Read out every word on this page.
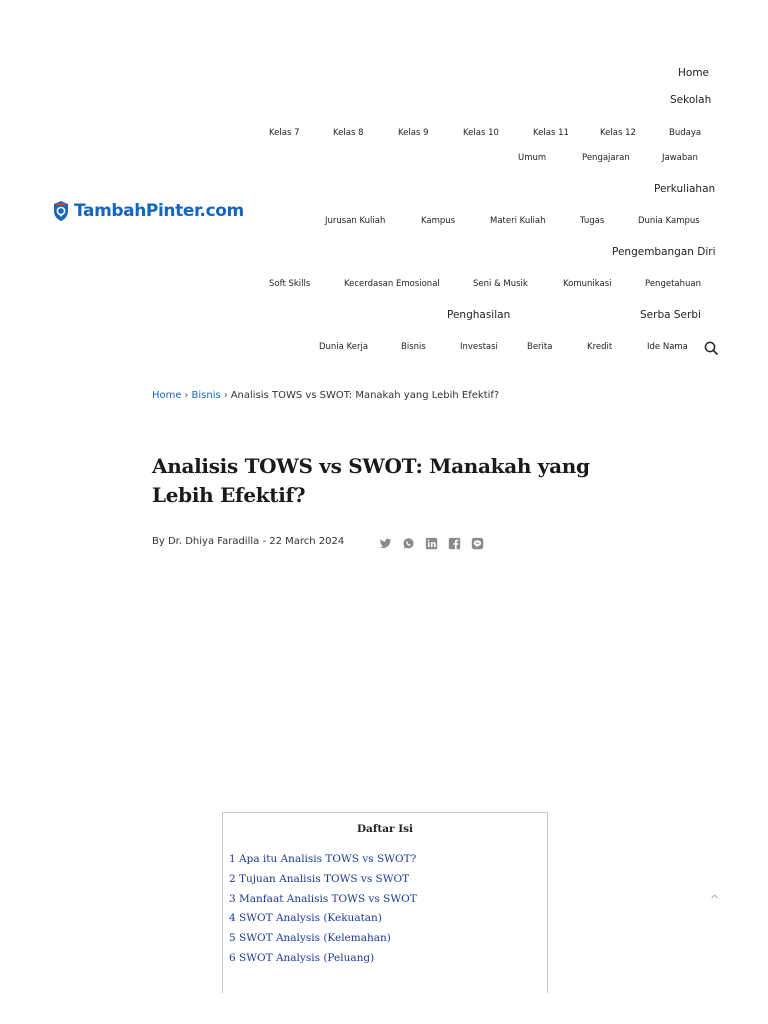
TambahPinter.com
Home
Sekolah
Kelas 7	Kelas 8	Kelas 9	Kelas 10	Kelas 11	Kelas 12	Budaya
Umum	Pengajaran	Jawaban
Perkuliahan
Jurusan Kuliah	Kampus	Materi Kuliah	Tugas	Dunia Kampus
Pengembangan Diri
Soft Skills	Kecerdasan Emosional	Seni & Musik	Komunikasi	Pengetahuan
Penghasilan	Serba Serbi
Dunia Kerja	Bisnis	Investasi	Berita	Kredit	Ide Nama
Home › Bisnis › Analisis TOWS vs SWOT: Manakah yang Lebih Efektif?
Analisis TOWS vs SWOT: Manakah yang Lebih Efektif?
By Dr. Dhiya Faradilla - 22 March 2024
Daftar Isi
1 Apa itu Analisis TOWS vs SWOT?
2 Tujuan Analisis TOWS vs SWOT
3 Manfaat Analisis TOWS vs SWOT
4 SWOT Analysis (Kekuatan)
5 SWOT Analysis (Kelemahan)
6 SWOT Analysis (Peluang)
^
